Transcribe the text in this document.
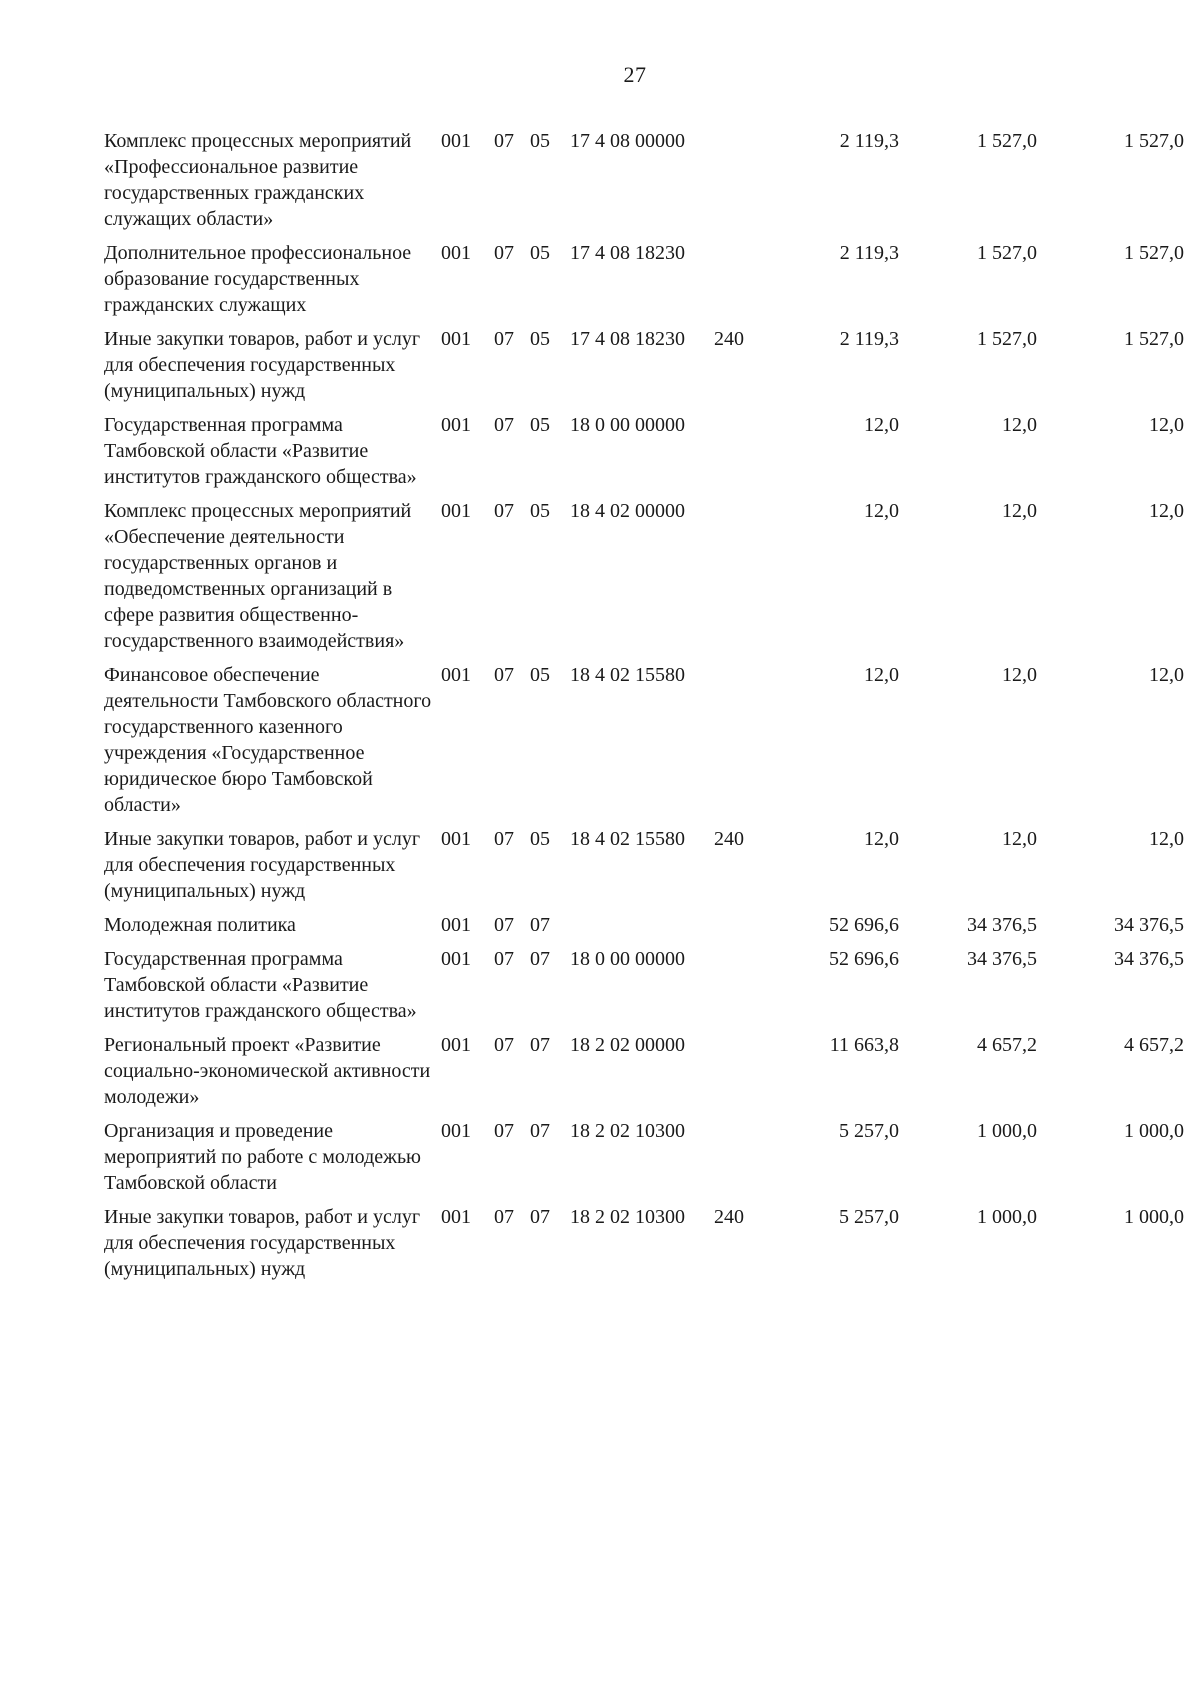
27
Комплекс процессных мероприятий «Профессиональное развитие государственных гражданских служащих области»	001	07	05	17 4 08 00000		2 119,3	1 527,0	1 527,0
Дополнительное профессиональное образование государственных гражданских служащих	001	07	05	17 4 08 18230		2 119,3	1 527,0	1 527,0
Иные закупки товаров, работ и услуг для обеспечения государственных (муниципальных) нужд	001	07	05	17 4 08 18230	240	2 119,3	1 527,0	1 527,0
Государственная программа Тамбовской области «Развитие институтов гражданского общества»	001	07	05	18 0 00 00000		12,0	12,0	12,0
Комплекс процессных мероприятий «Обеспечение деятельности государственных органов и подведомственных организаций в сфере развития общественно-государственного взаимодействия»	001	07	05	18 4 02 00000		12,0	12,0	12,0
Финансовое обеспечение деятельности Тамбовского областного государственного казенного учреждения «Государственное юридическое бюро Тамбовской области»	001	07	05	18 4 02 15580		12,0	12,0	12,0
Иные закупки товаров, работ и услуг для обеспечения государственных (муниципальных) нужд	001	07	05	18 4 02 15580	240	12,0	12,0	12,0
Молодежная политика	001	07	07			52 696,6	34 376,5	34 376,5
Государственная программа Тамбовской области «Развитие институтов гражданского общества»	001	07	07	18 0 00 00000		52 696,6	34 376,5	34 376,5
Региональный проект «Развитие социально-экономической активности молодежи»	001	07	07	18 2 02 00000		11 663,8	4 657,2	4 657,2
Организация и проведение мероприятий по работе с молодежью Тамбовской области	001	07	07	18 2 02 10300		5 257,0	1 000,0	1 000,0
Иные закупки товаров, работ и услуг для обеспечения государственных (муниципальных) нужд	001	07	07	18 2 02 10300	240	5 257,0	1 000,0	1 000,0
